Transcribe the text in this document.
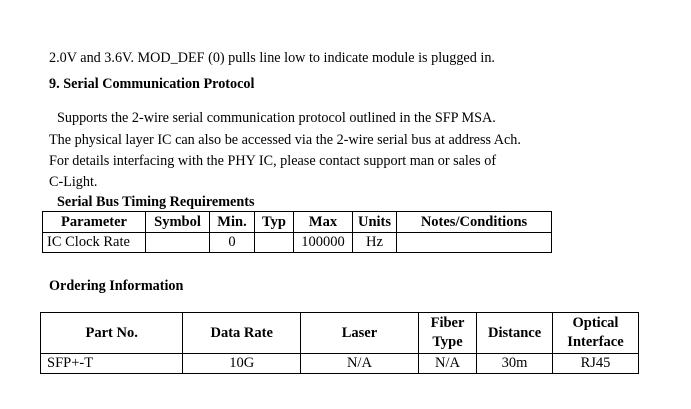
2.0V and 3.6V. MOD_DEF (0) pulls line low to indicate module is plugged in.
9. Serial Communication Protocol
Supports the 2-wire serial communication protocol outlined in the SFP MSA.
The physical layer IC can also be accessed via the 2-wire serial bus at address Ach.
For details interfacing with the PHY IC, please contact support man or sales of
C-Light.
Serial Bus Timing Requirements
Parameter	Symbol	Min.	Typ	Max	Units	Notes/Conditions
IC Clock Rate		0		100000	Hz	
Ordering Information
Part No.	Data Rate	Laser	Fiber Type	Distance	Optical Interface
SFP+-T	10G	N/A	N/A	30m	RJ45
